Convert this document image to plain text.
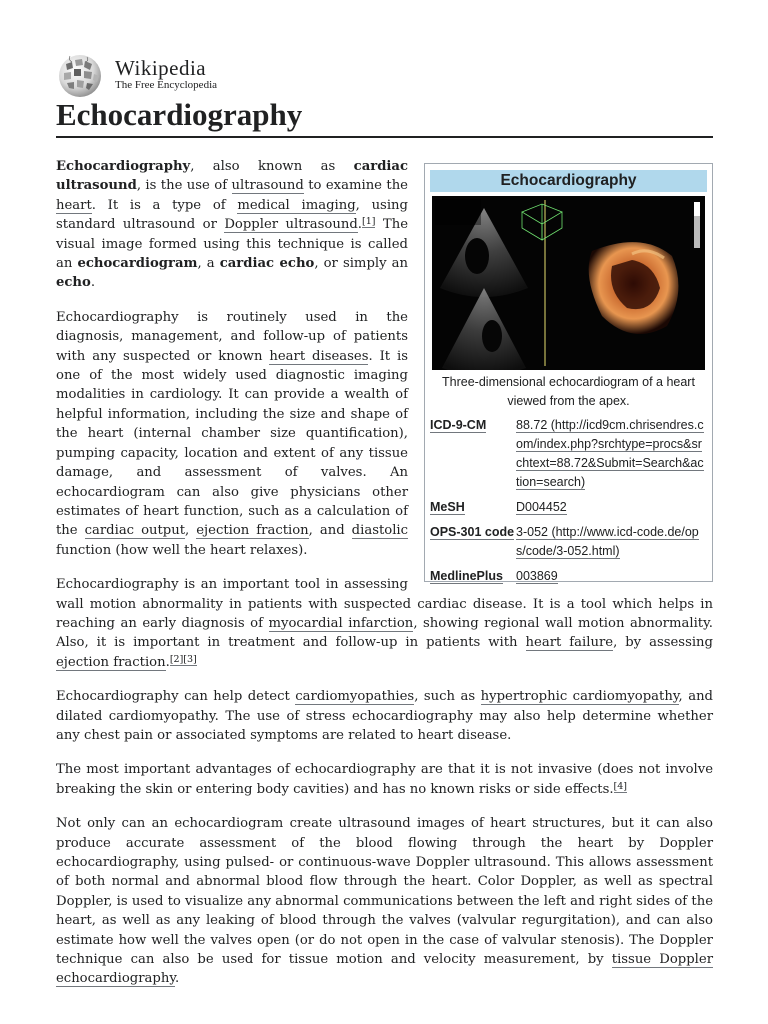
Wikipedia
The Free Encyclopedia
Echocardiography
Echocardiography
Three-dimensional echocardiogram of a heart viewed from the apex.
ICD-9-CM	88.72 (http://icd9cm.chrisendres.com/index.php?srchtype=procs&srchtext=88.72&Submit=Search&action=search)
MeSH	D004452
OPS-301 code	3-052 (http://www.icd-code.de/ops/code/3-052.html)
MedlinePlus	003869

Echocardiography, also known as cardiac ultrasound, is the use of ultrasound to examine the heart. It is a type of medical imaging, using standard ultrasound or Doppler ultrasound.[1] The visual image formed using this technique is called an echocardiogram, a cardiac echo, or simply an echo.

Echocardiography is routinely used in the diagnosis, management, and follow-up of patients with any suspected or known heart diseases. It is one of the most widely used diagnostic imaging modalities in cardiology. It can provide a wealth of helpful information, including the size and shape of the heart (internal chamber size quantification), pumping capacity, location and extent of any tissue damage, and assessment of valves. An echocardiogram can also give physicians other estimates of heart function, such as a calculation of the cardiac output, ejection fraction, and diastolic function (how well the heart relaxes).

Echocardiography is an important tool in assessing wall motion abnormality in patients with suspected cardiac disease. It is a tool which helps in reaching an early diagnosis of myocardial infarction, showing regional wall motion abnormality. Also, it is important in treatment and follow-up in patients with heart failure, by assessing ejection fraction.[2][3]

Echocardiography can help detect cardiomyopathies, such as hypertrophic cardiomyopathy, and dilated cardiomyopathy. The use of stress echocardiography may also help determine whether any chest pain or associated symptoms are related to heart disease.

The most important advantages of echocardiography are that it is not invasive (does not involve breaking the skin or entering body cavities) and has no known risks or side effects.[4]

Not only can an echocardiogram create ultrasound images of heart structures, but it can also produce accurate assessment of the blood flowing through the heart by Doppler echocardiography, using pulsed- or continuous-wave Doppler ultrasound. This allows assessment of both normal and abnormal blood flow through the heart. Color Doppler, as well as spectral Doppler, is used to visualize any abnormal communications between the left and right sides of the heart, as well as any leaking of blood through the valves (valvular regurgitation), and can also estimate how well the valves open (or do not open in the case of valvular stenosis). The Doppler technique can also be used for tissue motion and velocity measurement, by tissue Doppler echocardiography.
